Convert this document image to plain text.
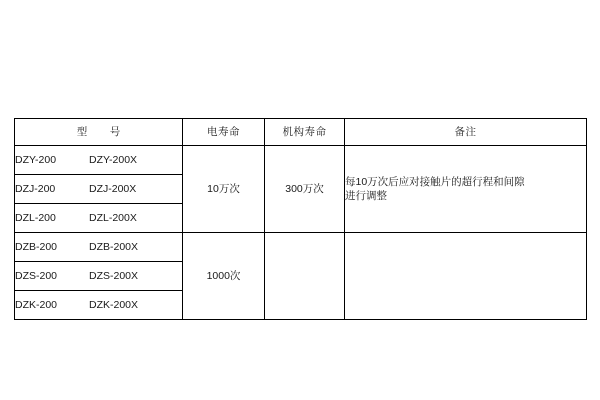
型　号	电寿命	机构寿命	备注
DZY-200 DZY-200X	10万次	300万次	每10万次后应对接触片的超行程和间隙
进行调整

DZJ-200 DZJ-200X			
DZL-200 DZL-200X			
DZB-200 DZB-200X	1000次		
DZS-200 DZS-200X			
DZK-200 DZK-200X			
